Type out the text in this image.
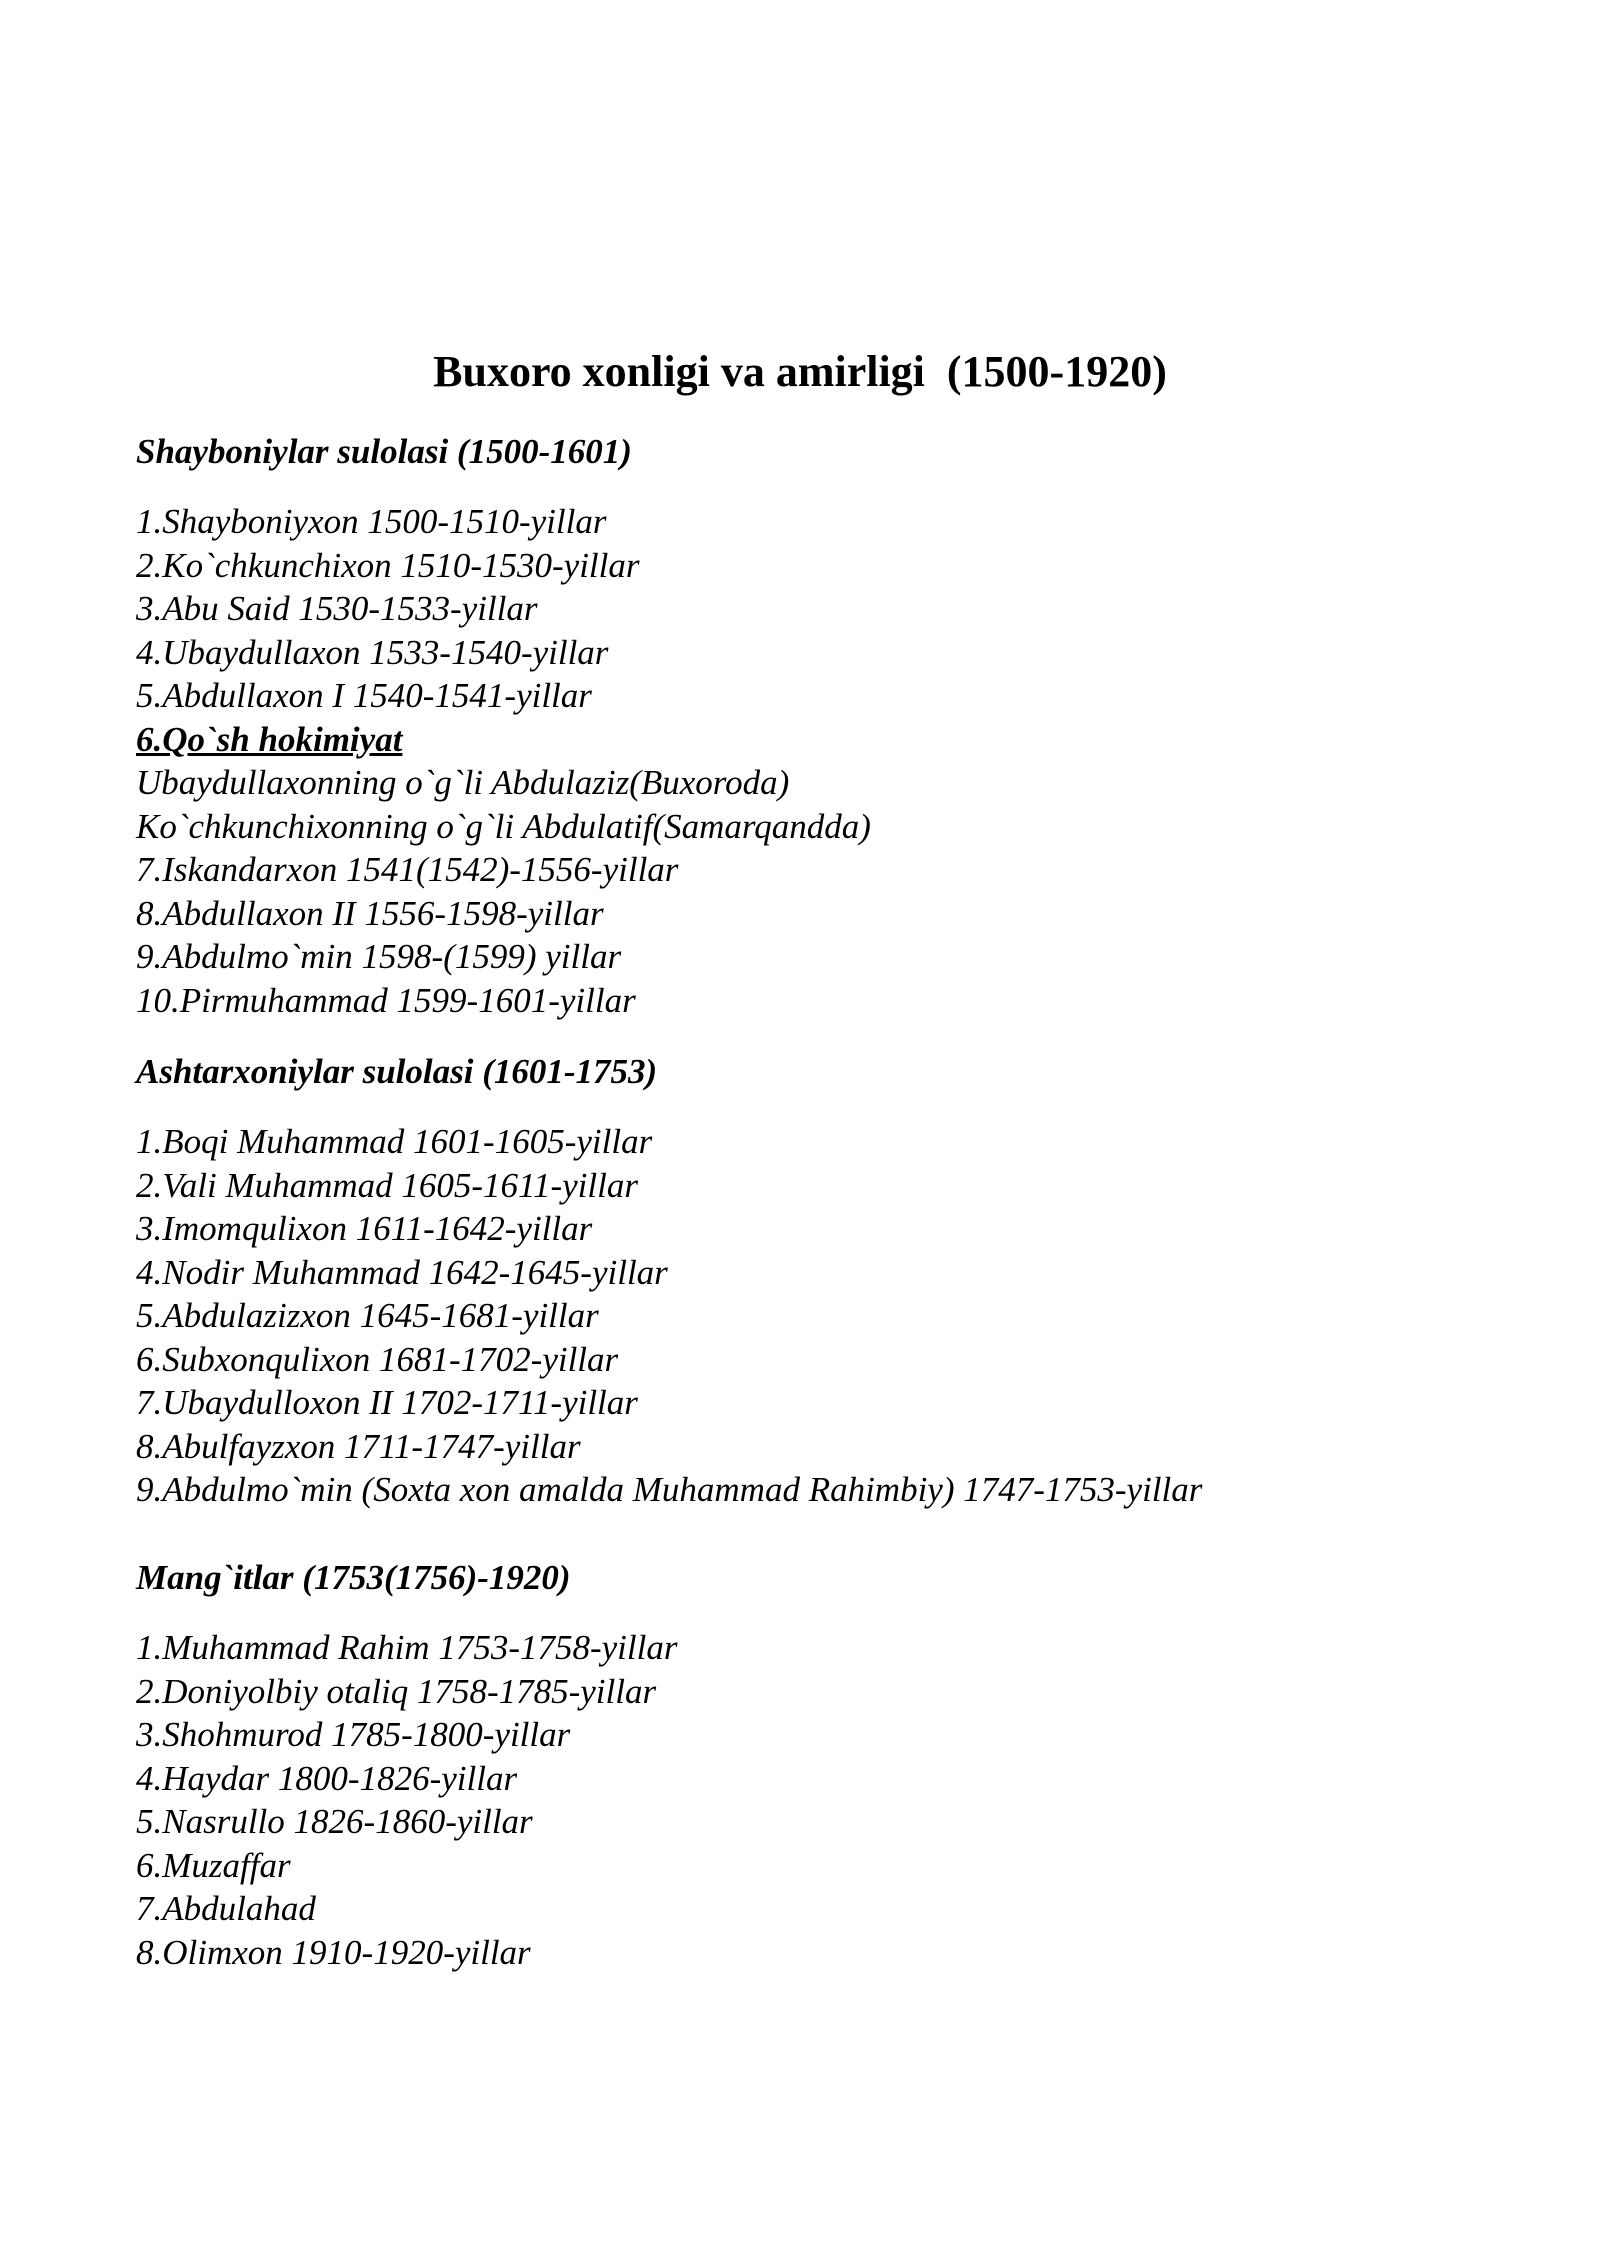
Buxoro xonligi va amirligi  (1500-1920)
Shayboniylar sulolasi (1500-1601)
1.Shayboniyxon 1500-1510-yillar
2.Ko`chkunchixon 1510-1530-yillar
3.Abu Said 1530-1533-yillar
4.Ubaydullaxon 1533-1540-yillar
5.Abdullaxon I 1540-1541-yillar
6.Qo`sh hokimiyat
Ubaydullaxonning o`g`li Abdulaziz(Buxoroda)
Ko`chkunchixonning o`g`li Abdulatif(Samarqandda)
7.Iskandarxon 1541(1542)-1556-yillar
8.Abdullaxon II 1556-1598-yillar
9.Abdulmo`min 1598-(1599) yillar
10.Pirmuhammad 1599-1601-yillar
Ashtarxoniylar sulolasi (1601-1753)
1.Boqi Muhammad 1601-1605-yillar
2.Vali Muhammad 1605-1611-yillar
3.Imomqulixon 1611-1642-yillar
4.Nodir Muhammad 1642-1645-yillar
5.Abdulazizxon 1645-1681-yillar
6.Subxonqulixon 1681-1702-yillar
7.Ubaydulloxon II 1702-1711-yillar
8.Abulfayzxon 1711-1747-yillar
9.Abdulmo`min (Soxta xon amalda Muhammad Rahimbiy) 1747-1753-yillar
Mang`itlar (1753(1756)-1920)
1.Muhammad Rahim 1753-1758-yillar
2.Doniyolbiy otaliq 1758-1785-yillar
3.Shohmurod 1785-1800-yillar
4.Haydar 1800-1826-yillar
5.Nasrullo 1826-1860-yillar
6.Muzaffar
7.Abdulahad
8.Olimxon 1910-1920-yillar
